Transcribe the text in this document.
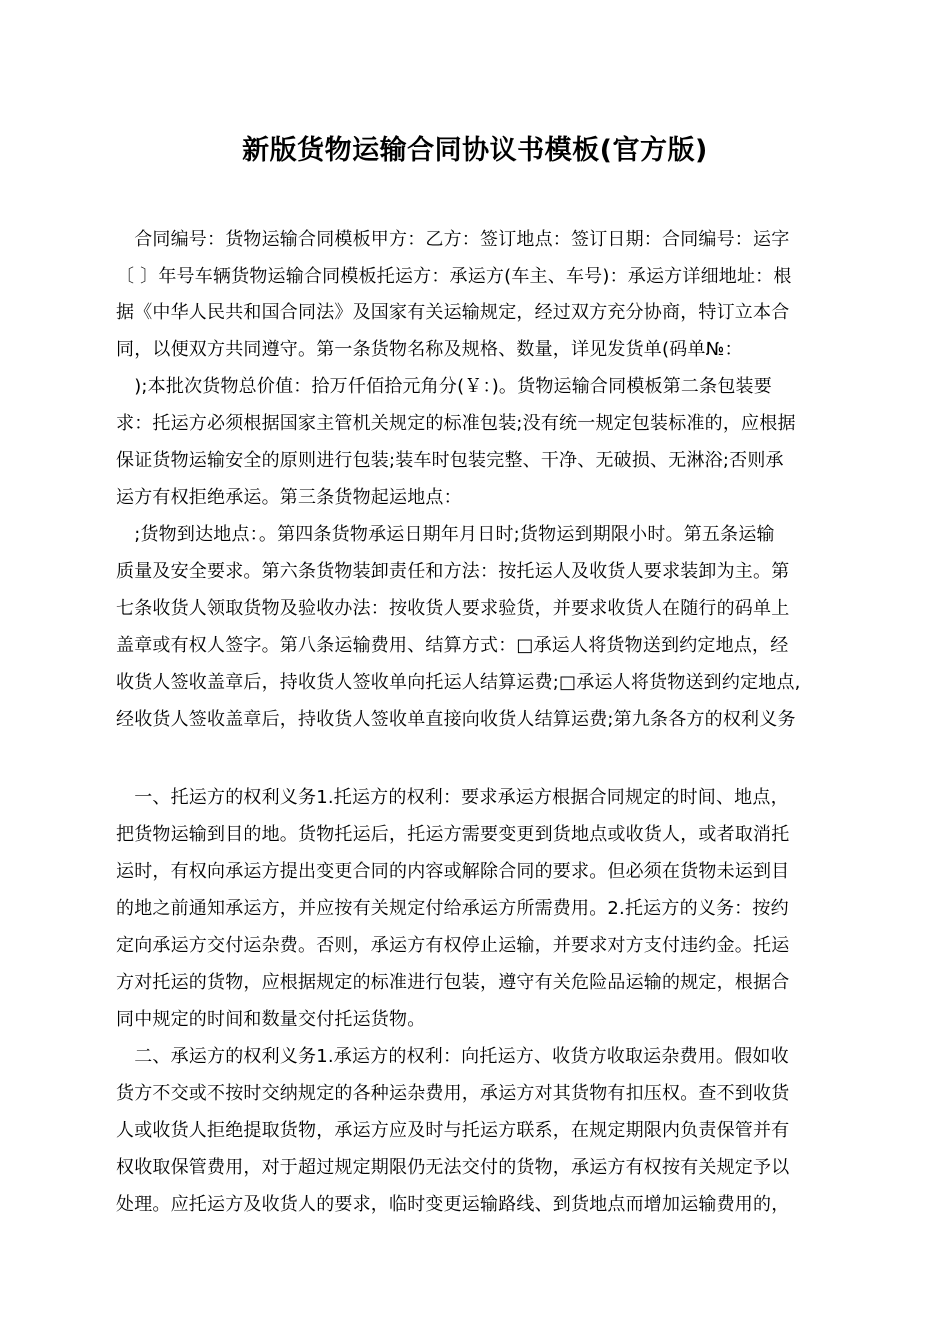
新版货物运输合同协议书模板(官方版)
　合同编号：货物运输合同模板甲方：乙方：签订地点：签订日期：合同编号：运字
〔 〕年号车辆货物运输合同模板托运方：承运方(车主、车号)：承运方详细地址：根
据《中华人民共和国合同法》及国家有关运输规定，经过双方充分协商，特订立本合
同，以便双方共同遵守。第一条货物名称及规格、数量，详见发货单(码单№：
　);本批次货物总价值：拾万仟佰拾元角分(￥：)。货物运输合同模板第二条包装要
求：托运方必须根据国家主管机关规定的标准包装;没有统一规定包装标准的，应根据
保证货物运输安全的原则进行包装;装车时包装完整、干净、无破损、无淋浴;否则承
运方有权拒绝承运。第三条货物起运地点：
　;货物到达地点：。第四条货物承运日期年月日时;货物运到期限小时。第五条运输
质量及安全要求。第六条货物装卸责任和方法：按托运人及收货人要求装卸为主。第
七条收货人领取货物及验收办法：按收货人要求验货，并要求收货人在随行的码单上
盖章或有权人签字。第八条运输费用、结算方式：□承运人将货物送到约定地点，经
收货人签收盖章后，持收货人签收单向托运人结算运费;□承运人将货物送到约定地点,
经收货人签收盖章后，持收货人签收单直接向收货人结算运费;第九条各方的权利义务
　一、托运方的权利义务1.托运方的权利：要求承运方根据合同规定的时间、地点，
把货物运输到目的地。货物托运后，托运方需要变更到货地点或收货人，或者取消托
运时，有权向承运方提出变更合同的内容或解除合同的要求。但必须在货物未运到目
的地之前通知承运方，并应按有关规定付给承运方所需费用。2.托运方的义务：按约
定向承运方交付运杂费。否则，承运方有权停止运输，并要求对方支付违约金。托运
方对托运的货物，应根据规定的标准进行包装，遵守有关危险品运输的规定，根据合
同中规定的时间和数量交付托运货物。
　二、承运方的权利义务1.承运方的权利：向托运方、收货方收取运杂费用。假如收
货方不交或不按时交纳规定的各种运杂费用，承运方对其货物有扣压权。查不到收货
人或收货人拒绝提取货物，承运方应及时与托运方联系，在规定期限内负责保管并有
权收取保管费用，对于超过规定期限仍无法交付的货物，承运方有权按有关规定予以
处理。应托运方及收货人的要求，临时变更运输路线、到货地点而增加运输费用的，
